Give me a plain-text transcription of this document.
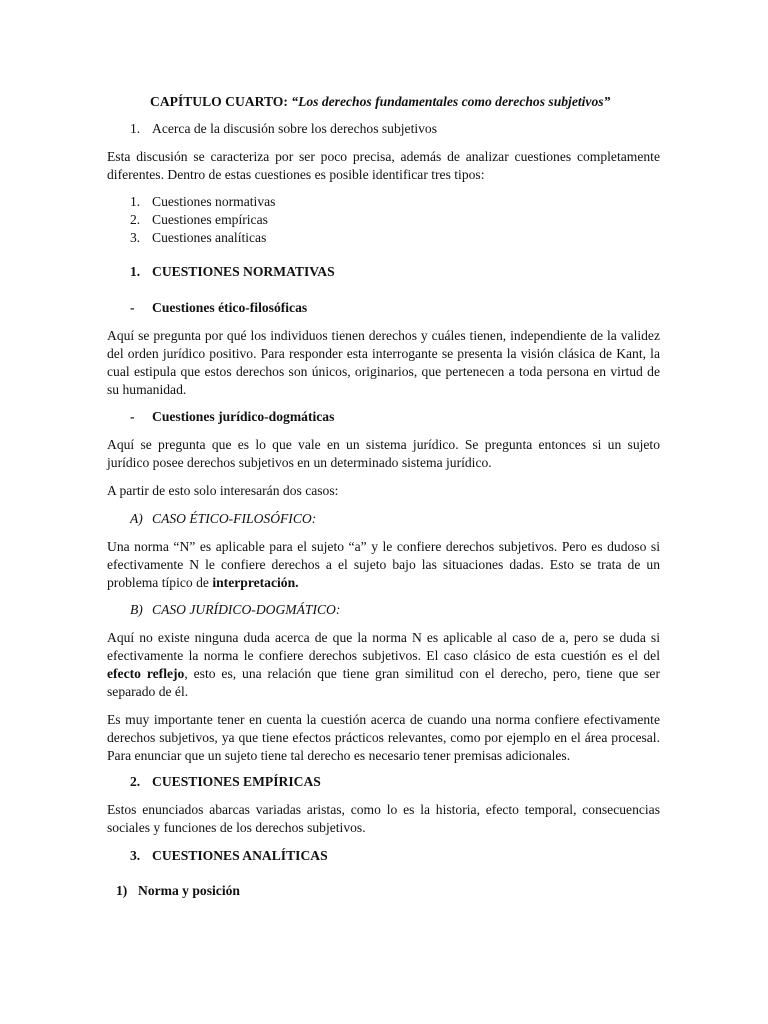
CAPÍTULO CUARTO: “Los derechos fundamentales como derechos subjetivos”
1. Acerca de la discusión sobre los derechos subjetivos
Esta discusión se caracteriza por ser poco precisa, además de analizar cuestiones completamente
diferentes. Dentro de estas cuestiones es posible identificar tres tipos:
1. Cuestiones normativas
2. Cuestiones empíricas
3. Cuestiones analíticas
1. CUESTIONES NORMATIVAS
- Cuestiones ético-filosóficas
Aquí se pregunta por qué los individuos tienen derechos y cuáles tienen, independiente de la validez
del orden jurídico positivo. Para responder esta interrogante se presenta la visión clásica de Kant, la
cual estipula que estos derechos son únicos, originarios, que pertenecen a toda persona en virtud de
su humanidad.
- Cuestiones jurídico-dogmáticas
Aquí se pregunta que es lo que vale en un sistema jurídico. Se pregunta entonces si un sujeto
jurídico posee derechos subjetivos en un determinado sistema jurídico.
A partir de esto solo interesarán dos casos:
A) CASO ÉTICO-FILOSÓFICO:
Una norma “N” es aplicable para el sujeto “a” y le confiere derechos subjetivos. Pero es dudoso si
efectivamente N le confiere derechos a el sujeto bajo las situaciones dadas. Esto se trata de un
problema típico de interpretación.
B) CASO JURÍDICO-DOGMÁTICO:
Aquí no existe ninguna duda acerca de que la norma N es aplicable al caso de a, pero se duda si
efectivamente la norma le confiere derechos subjetivos. El caso clásico de esta cuestión es el del
efecto reflejo, esto es, una relación que tiene gran similitud con el derecho, pero, tiene que ser
separado de él.
Es muy importante tener en cuenta la cuestión acerca de cuando una norma confiere efectivamente
derechos subjetivos, ya que tiene efectos prácticos relevantes, como por ejemplo en el área procesal.
Para enunciar que un sujeto tiene tal derecho es necesario tener premisas adicionales.
2. CUESTIONES EMPÍRICAS
Estos enunciados abarcas variadas aristas, como lo es la historia, efecto temporal, consecuencias
sociales y funciones de los derechos subjetivos.
3. CUESTIONES ANALÍTICAS
1) Norma y posición
